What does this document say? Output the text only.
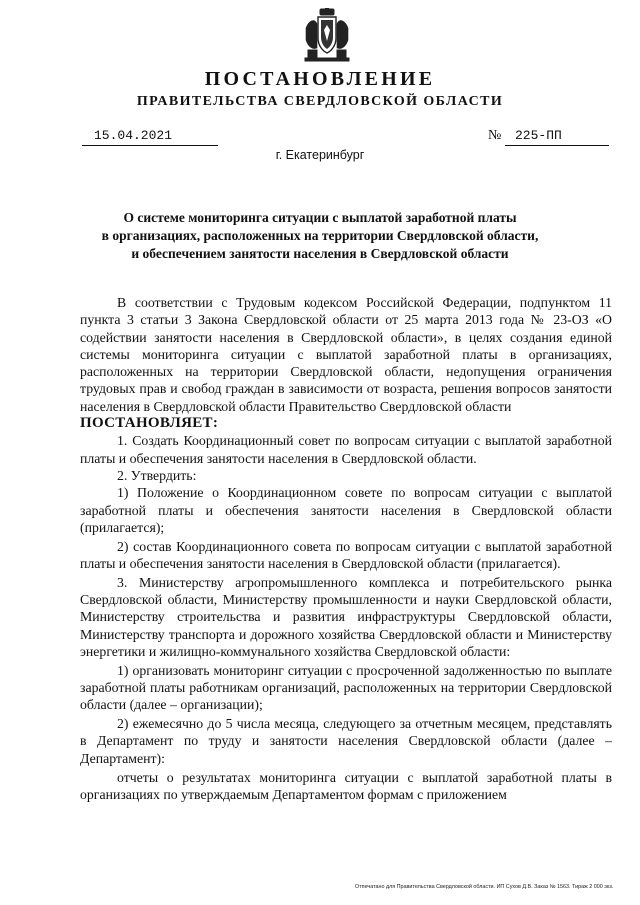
ПОСТАНОВЛЕНИЕ
ПРАВИТЕЛЬСТВА СВЕРДЛОВСКОЙ ОБЛАСТИ
15.04.2021	№	225-ПП
г. Екатеринбург
О системе мониторинга ситуации с выплатой заработной платы
в организациях, расположенных на территории Свердловской области,
и обеспечением занятости населения в Свердловской области

В соответствии с Трудовым кодексом Российской Федерации, подпунктом 11 пункта 3 статьи 3 Закона Свердловской области от 25 марта 2013 года № 23-ОЗ «О содействии занятости населения в Свердловской области», в целях создания единой системы мониторинга ситуации с выплатой заработной платы в организациях, расположенных на территории Свердловской области, недопущения ограничения трудовых прав и свобод граждан в зависимости от возраста, решения вопросов занятости населения в Свердловской области Правительство Свердловской области

ПОСТАНОВЛЯЕТ:

1. Создать Координационный совет по вопросам ситуации с выплатой заработной платы и обеспечения занятости населения в Свердловской области.

2. Утвердить:

1) Положение о Координационном совете по вопросам ситуации с выплатой заработной платы и обеспечения занятости населения в Свердловской области (прилагается);

2) состав Координационного совета по вопросам ситуации с выплатой заработной платы и обеспечения занятости населения в Свердловской области (прилагается).

3. Министерству агропромышленного комплекса и потребительского рынка Свердловской области, Министерству промышленности и науки Свердловской области, Министерству строительства и развития инфраструктуры Свердловской области, Министерству транспорта и дорожного хозяйства Свердловской области и Министерству энергетики и жилищно-коммунального хозяйства Свердловской области:

1) организовать мониторинг ситуации с просроченной задолженностью по выплате заработной платы работникам организаций, расположенных на территории Свердловской области (далее – организации);

2) ежемесячно до 5 числа месяца, следующего за отчетным месяцем, представлять в Департамент по труду и занятости населения Свердловской области (далее – Департамент):

отчеты о результатах мониторинга ситуации с выплатой заработной платы в организациях по утверждаемым Департаментом формам с приложением

Отпечатано для Правительства Свердловской области. ИП Сухов Д.В. Заказ № 1563. Тираж 2 000 экз.
